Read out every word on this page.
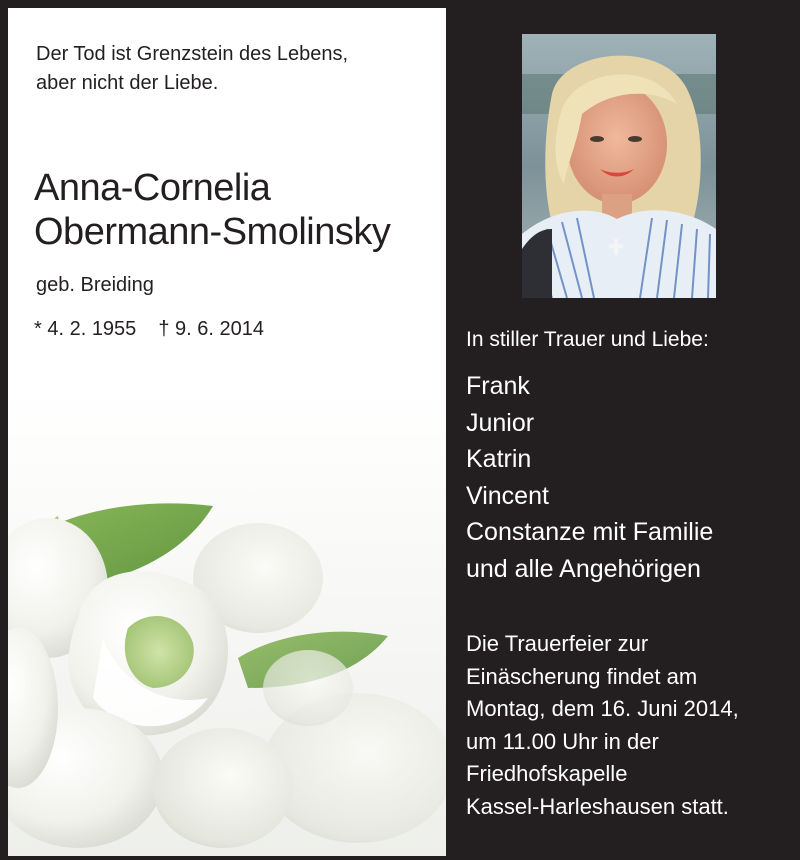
Der Tod ist Grenzstein des Lebens,
aber nicht der Liebe.

Anna-Cornelia
Obermann-Smolinsky
geb. Breiding
* 4. 2. 1955 † 9. 6. 2014	In stiller Trauer und Liebe:
Frank
Junior
Katrin
Vincent
Constanze mit Familie
und alle Angehörigen

Die Trauerfeier zur
Einäscherung findet am
Montag, dem 16. Juni 2014,
um 11.00 Uhr in der
Friedhofskapelle
Kassel-Harleshausen statt.
